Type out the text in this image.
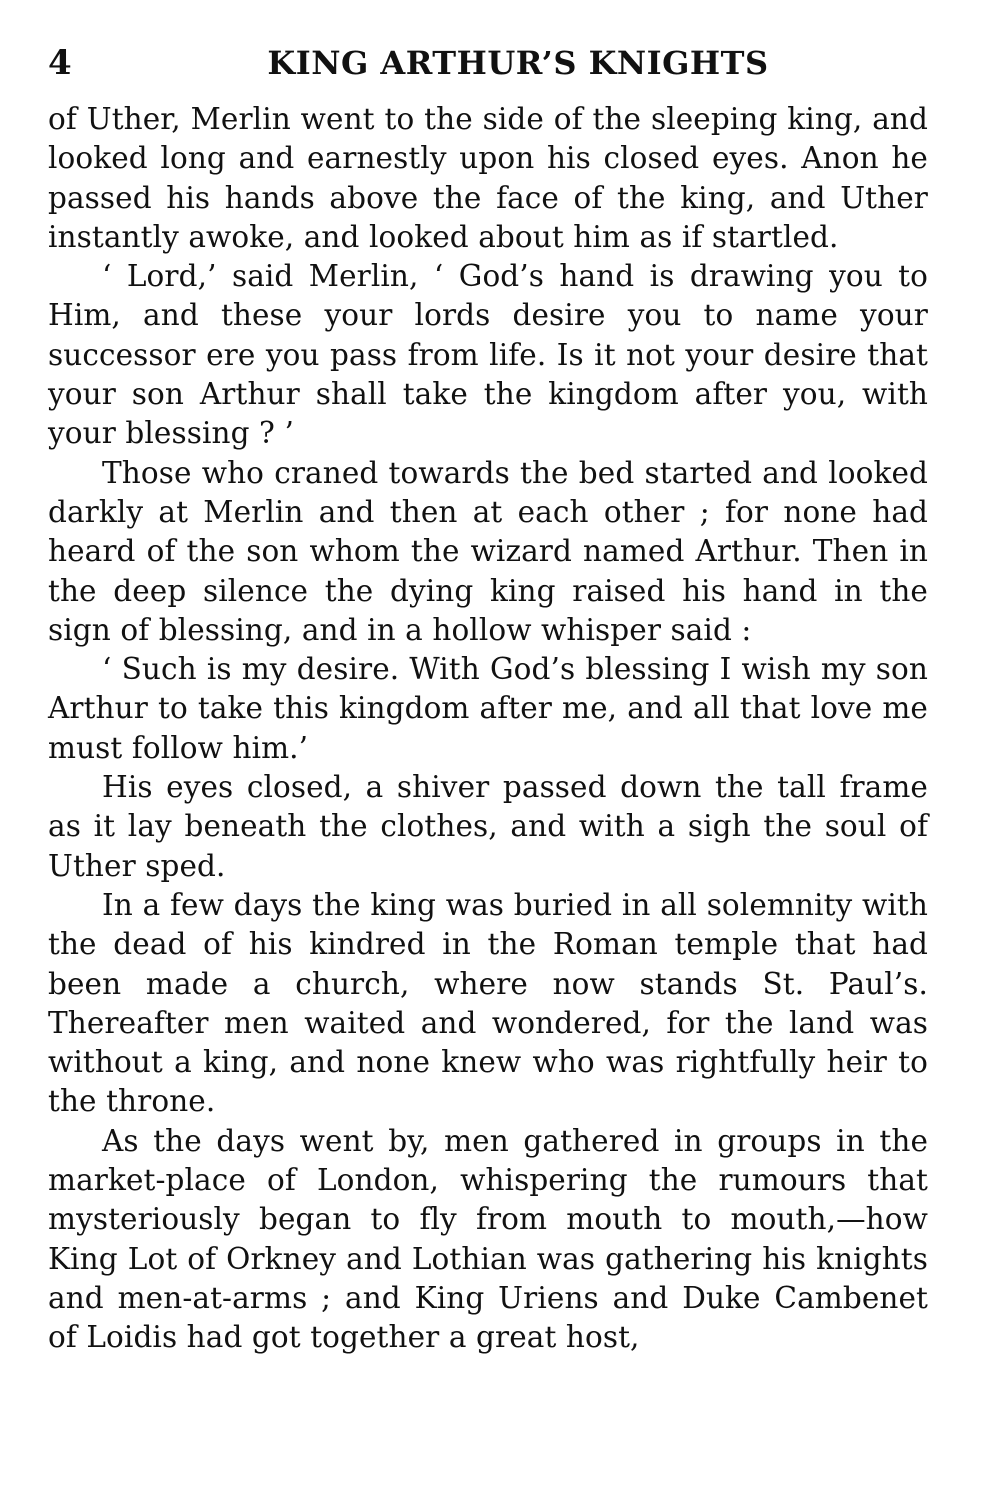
4	KING ARTHUR’S KNIGHTS

of Uther, Merlin went to the side of the sleeping king, and looked long and earnestly upon his closed eyes. Anon he passed his hands above the face of the king, and Uther instantly awoke, and looked about him as if startled.

‘ Lord,’ said Merlin, ‘ God’s hand is drawing you to Him, and these your lords desire you to name your successor ere you pass from life. Is it not your desire that your son Arthur shall take the kingdom after you, with your blessing ? ’

Those who craned towards the bed started and looked darkly at Merlin and then at each other ; for none had heard of the son whom the wizard named Arthur. Then in the deep silence the dying king raised his hand in the sign of blessing, and in a hollow whisper said :

‘ Such is my desire. With God’s blessing I wish my son Arthur to take this kingdom after me, and all that love me must follow him.’

His eyes closed, a shiver passed down the tall frame as it lay beneath the clothes, and with a sigh the soul of Uther sped.

In a few days the king was buried in all solemnity with the dead of his kindred in the Roman temple that had been made a church, where now stands St. Paul’s. Thereafter men waited and wondered, for the land was without a king, and none knew who was rightfully heir to the throne.

As the days went by, men gathered in groups in the market-place of London, whispering the rumours that mysteriously began to fly from mouth to mouth,—how King Lot of Orkney and Lothian was gathering his knights and men-at-arms ; and King Uriens and Duke Cambenet of Loidis had got together a great host,
